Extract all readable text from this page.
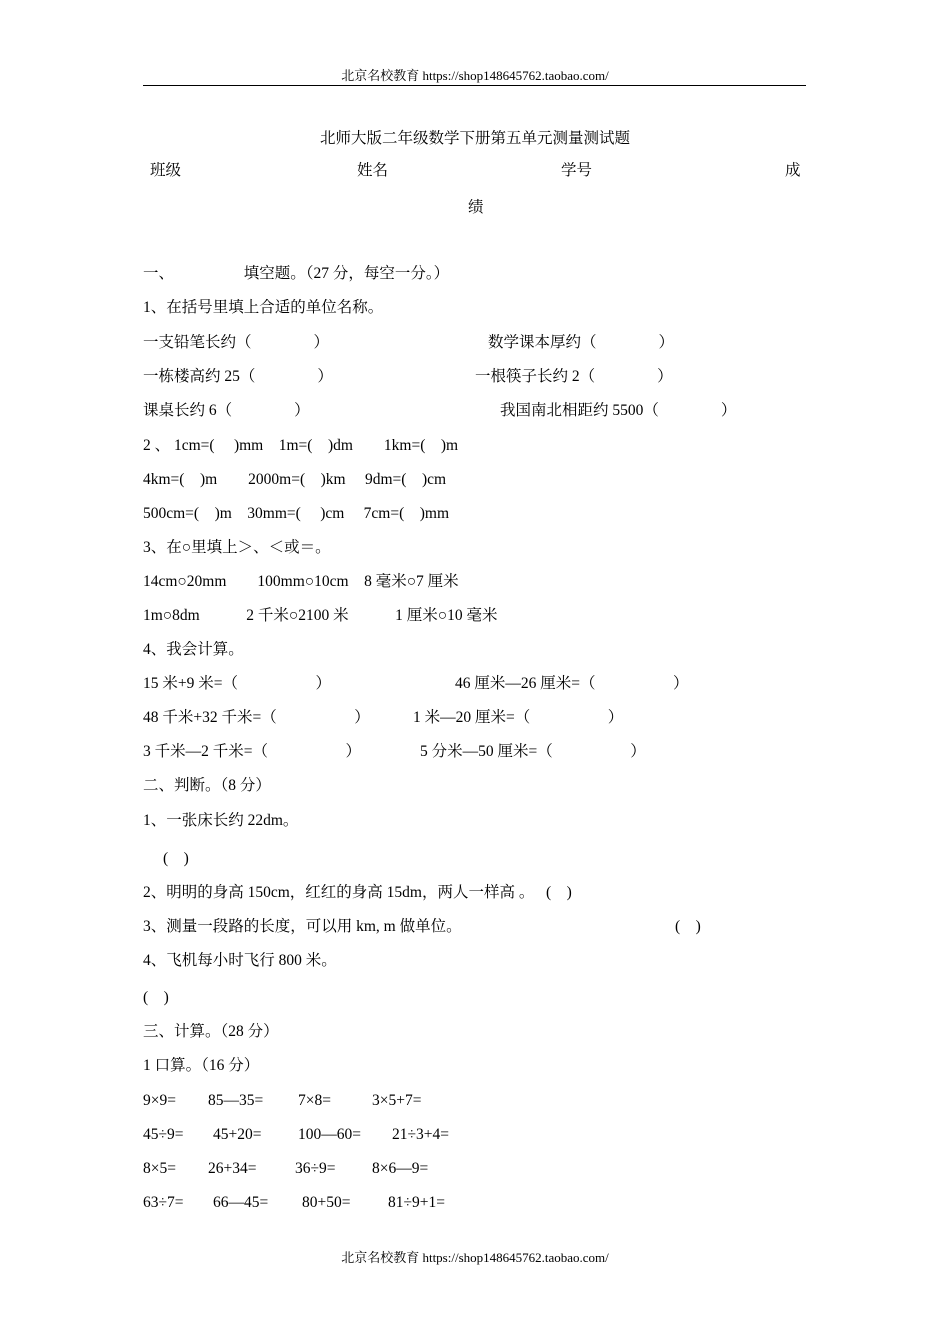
北京名校教育 https://shop148645762.taobao.com/
北师大版二年级数学下册第五单元测量测试题
班级	姓名	学号	成
绩
一、　　　　　填空题。（27 分，每空一分。）
1、在括号里填上合适的单位名称。
一支铅笔长约（　　　　）	数学课本厚约（　　　　）
一栋楼高约 25（　　　　）	一根筷子长约 2（　　　　）
课桌长约 6（　　　　）	我国南北相距约 5500（　　　　）
2 、 1cm=(　 )mm　1m=(　)dm　　1km=(　)m
4km=(　)m　　2000m=(　)km　 9dm=(　)cm
500cm=(　)m　30mm=(　 )cm　 7cm=(　)mm
3、在○里填上＞、＜或＝。
14cm○20mm　　100mm○10cm　8 毫米○7 厘米
1m○8dm　　　2 千米○2100 米　　　1 厘米○10 毫米
4、我会计算。
15 米+9 米=（　　　　　）	46 厘米—26 厘米=（　　　　　）
48 千米+32 千米=（　　　　　）	1 米—20 厘米=（　　　　　）
3 千米—2 千米=（　　　　　）	5 分米—50 厘米=（　　　　　）
二、判断。（8 分）
1、一张床长约 22dm。
(　)
2、明明的身高 150cm，红红的身高 15dm，两人一样高 。　 (　)
3、测量一段路的长度，可以用 km, m 做单位。	(　)
4、飞机每小时飞行 800 米。
(　)
三、计算。（28 分）
1 口算。（16 分）
9×9= 85—35= 7×8=	3×5+7=
45÷9= 45+20= 100—60= 21÷3+4=
8×5= 26+34= 36÷9= 8×6—9=
63÷7= 66—45= 80+50= 81÷9+1=
北京名校教育 https://shop148645762.taobao.com/
